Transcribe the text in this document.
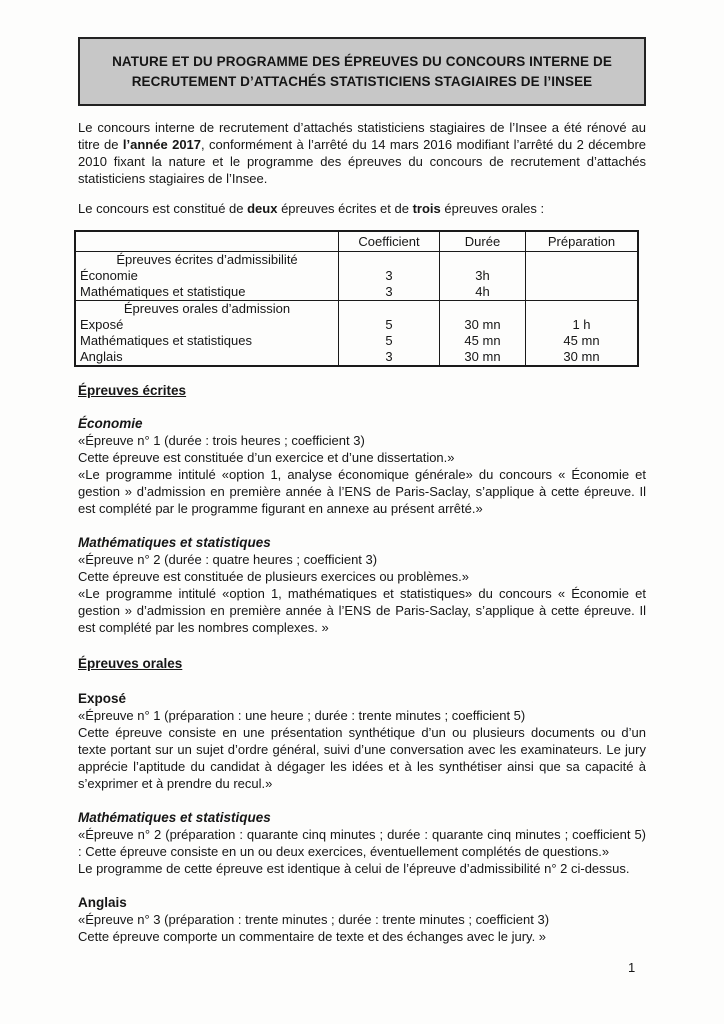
NATURE ET DU PROGRAMME DES ÉPREUVES DU CONCOURS INTERNE DE
RECRUTEMENT D’ATTACHÉS STATISTICIENS STAGIAIRES DE l’INSEE

Le concours interne de recrutement d’attachés statisticiens stagiaires de l’Insee a été rénové au titre de l’année 2017, conformément à l’arrêté du 14 mars 2016 modifiant l’arrêté du 2 décembre 2010 fixant la nature et le programme des épreuves du concours de recrutement d’attachés statisticiens stagiaires de l’Insee.

Le concours est constitué de deux épreuves écrites et de trois épreuves orales :

Coefficient	Durée	Préparation
Épreuves écrites d’admissibilité
Économie
Mathématiques et statistique
3
3
3h
4h
Épreuves orales d’admission
Exposé
Mathématiques et statistiques
Anglais
5
5
3
30 mn
45 mn
30 mn
1 h
45 mn
30 mn
Épreuves écrites
Économie
«Épreuve n° 1 (durée : trois heures ; coefficient 3)
Cette épreuve est constituée d’un exercice et d’une dissertation.»

«Le programme intitulé «option 1, analyse économique générale» du concours « Économie et gestion » d’admission en première année à l’ENS de Paris-Saclay, s’applique à cette épreuve. Il est complété par le programme figurant en annexe au présent arrêté.»

Mathématiques et statistiques
«Épreuve n° 2 (durée : quatre heures ; coefficient 3)
Cette épreuve est constituée de plusieurs exercices ou problèmes.»

«Le programme intitulé «option 1, mathématiques et statistiques» du concours « Économie et gestion » d’admission en première année à l’ENS de Paris-Saclay, s’applique à cette épreuve. Il est complété par les nombres complexes. »

Épreuves orales
Exposé
«Épreuve n° 1 (préparation : une heure ; durée : trente minutes ; coefficient 5)

Cette épreuve consiste en une présentation synthétique d’un ou plusieurs documents ou d’un texte portant sur un sujet d’ordre général, suivi d’une conversation avec les examinateurs. Le jury apprécie l’aptitude du candidat à dégager les idées et à les synthétiser ainsi que sa capacité à s’exprimer et à prendre du recul.»

Mathématiques et statistiques

«Épreuve n° 2 (préparation : quarante cinq minutes ; durée : quarante cinq minutes ; coefficient 5) : Cette épreuve consiste en un ou deux exercices, éventuellement complétés de questions.»

Le programme de cette épreuve est identique à celui de l’épreuve d’admissibilité n° 2 ci-dessus.

Anglais
«Épreuve n° 3 (préparation : trente minutes ; durée : trente minutes ; coefficient 3)
Cette épreuve comporte un commentaire de texte et des échanges avec le jury. »
1
